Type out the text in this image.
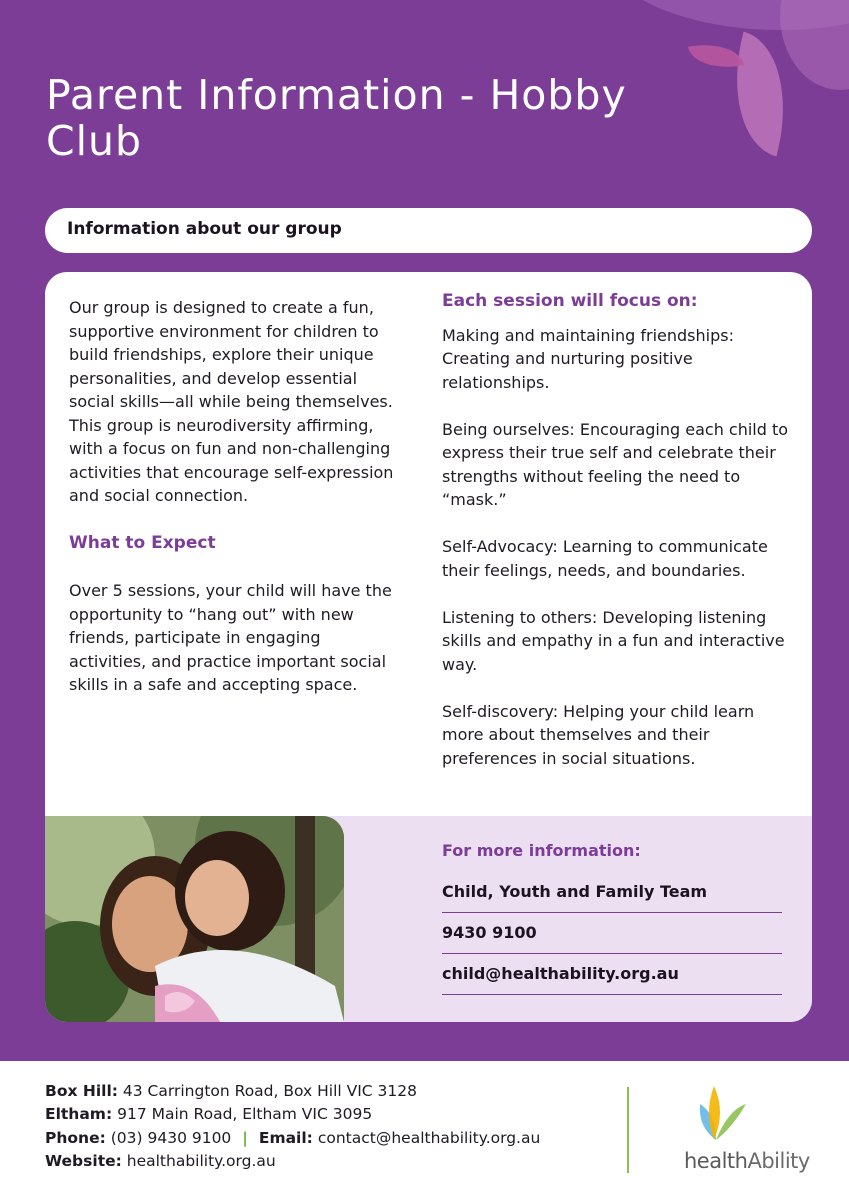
Parent Information - Hobby Club
Information about our group

Our group is designed to create a fun, supportive environment for children to build friendships, explore their unique personalities, and develop essential social skills—all while being themselves. This group is neurodiversity affirming, with a focus on fun and non-challenging activities that encourage self-expression and social connection.

What to Expect

Over 5 sessions, your child will have the opportunity to “hang out” with new friends, participate in engaging activities, and practice important social skills in a safe and accepting space.

Each session will focus on:

Making and maintaining friendships: Creating and nurturing positive relationships.

Being ourselves: Encouraging each child to express their true self and celebrate their strengths without feeling the need to “mask.”

Self-Advocacy: Learning to communicate their feelings, needs, and boundaries.

Listening to others: Developing listening skills and empathy in a fun and interactive way.

Self-discovery: Helping your child learn more about themselves and their preferences in social situations.

For more information:
Child, Youth and Family Team
9430 9100
child@healthability.org.au
Box Hill: 43 Carrington Road, Box Hill VIC 3128
Eltham: 917 Main Road, Eltham VIC 3095
Phone: (03) 9430 9100 | Email: contact@healthability.org.au
Website: healthability.org.au	healthAbility
